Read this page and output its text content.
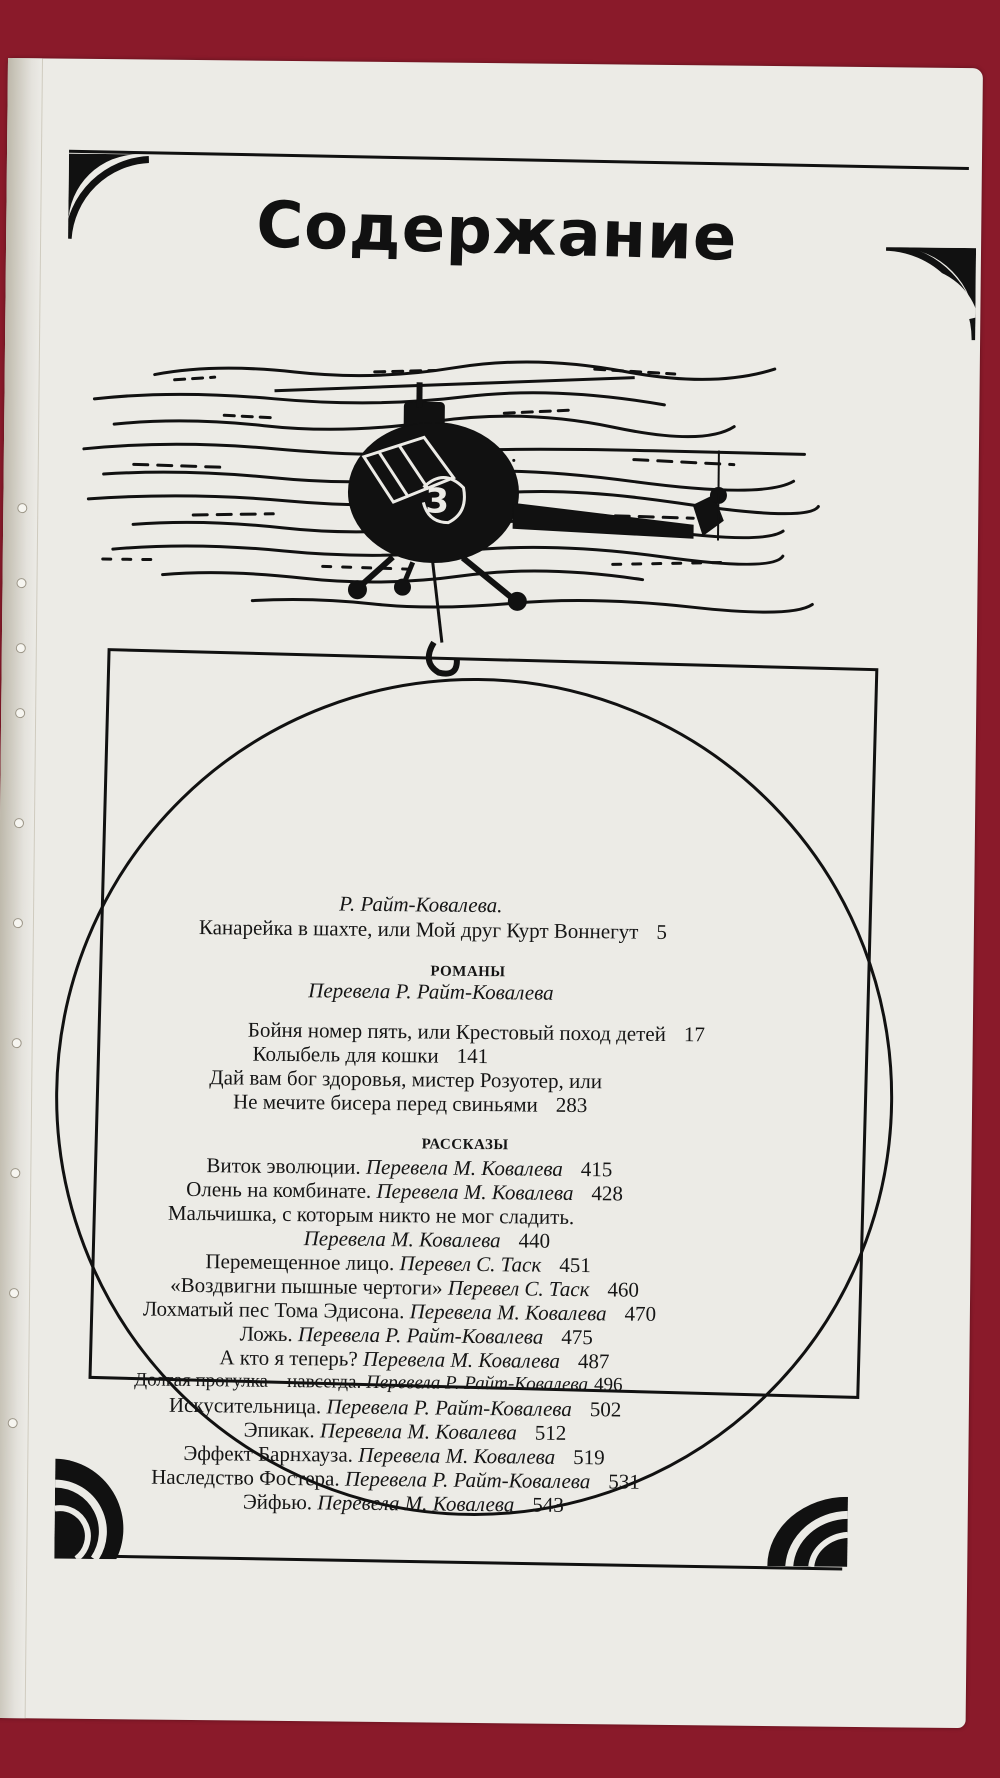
Содержание
3
Р. Райт-Ковалева.
Канарейка в шахте, или Мой друг Курт Воннегут 5
РОМАНЫ
Перевела Р. Райт-Ковалева
Бойня номер пять, или Крестовый поход детей 17
Колыбель для кошки 141
Дай вам бог здоровья, мистер Розуотер, или
Не мечите бисера перед свиньями 283
РАССКАЗЫ
Виток эволюции. Перевела М. Ковалева 415
Олень на комбинате. Перевела М. Ковалева 428
Мальчишка, с которым никто не мог сладить.
Перевела М. Ковалева 440
Перемещенное лицо. Перевел С. Таск 451
«Воздвигни пышные чертоги» Перевел С. Таск 460
Лохматый пес Тома Эдисона. Перевела М. Ковалева 470
Ложь. Перевела Р. Райт-Ковалева 475
А кто я теперь? Перевела М. Ковалева 487
Долгая прогулка—навсегда. Перевела Р. Райт-Ковалева 496
Искусительница. Перевела Р. Райт-Ковалева 502
Эпикак. Перевела М. Ковалева 512
Эффект Барнхауза. Перевела М. Ковалева 519
Наследство Фостера. Перевела Р. Райт-Ковалева 531
Эйфью. Перевела М. Ковалева 543
